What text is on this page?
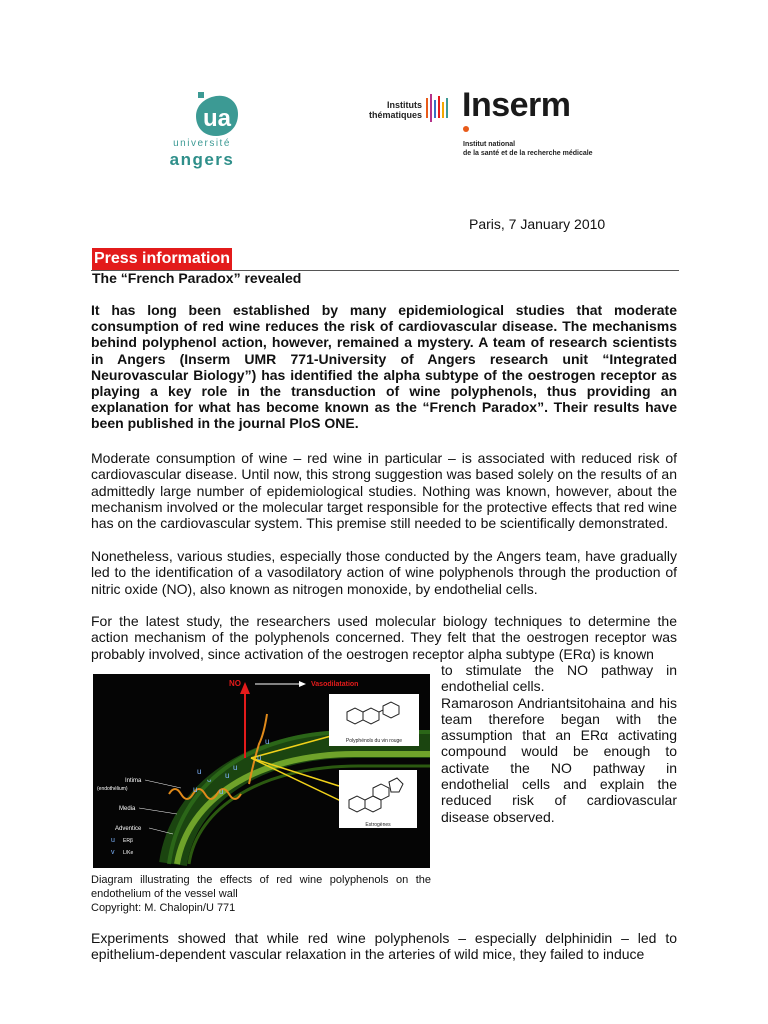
ua
université
angers
Instituts
thématiques Inserm
Institut national
de la santé et de la recherche médicale
Paris, 7 January 2010
Press information
The “French Paradox” revealed
It has long been established by many epidemiological studies that moderate consumption of red wine reduces the risk of cardiovascular disease. The mechanisms behind polyphenol action, however, remained a mystery. A team of research scientists in Angers (Inserm UMR 771-University of Angers research unit “Integrated Neurovascular Biology”) has identified the alpha subtype of the oestrogen receptor as playing a key role in the transduction of wine polyphenols, thus providing an explanation for what has become known as the “French Paradox”. Their results have been published in the journal PloS ONE.
Moderate consumption of wine – red wine in particular – is associated with reduced risk of cardiovascular disease. Until now, this strong suggestion was based solely on the results of an admittedly large number of epidemiological studies. Nothing was known, however, about the mechanism involved or the molecular target responsible for the protective effects that red wine has on the cardiovascular system. This premise still needed to be scientifically demonstrated.
Nonetheless, various studies, especially those conducted by the Angers team, have gradually led to the identification of a vasodilatory action of wine polyphenols through the production of nitric oxide (NO), also known as nitrogen monoxide, by endothelial cells.
For the latest study, the researchers used molecular biology techniques to determine the action mechanism of the polyphenols concerned. They felt that the oestrogen receptor was probably involved, since activation of the oestrogen receptor alpha subtype (ERα) is known
NO	Vasodilatation
Polyphénols du vin rouge
Estrogènes
u
ᴗ u
u
u	u
u
u
Intima
(endothélium)
Media
Adventice
u ERβ
v L/Ke

to stimulate the NO pathway in endothelial cells.

Ramaroson Andriantsitohaina and his team therefore began with the assumption that an ERα activating compound would be enough to activate the NO pathway in endothelial cells and explain the reduced risk of cardiovascular disease observed.

Diagram illustrating the effects of red wine polyphenols on the endothelium of the vessel wall
Copyright: M. Chalopin/U 771
Experiments showed that while red wine polyphenols – especially delphinidin – led to epithelium-dependent vascular relaxation in the arteries of wild mice, they failed to induce
